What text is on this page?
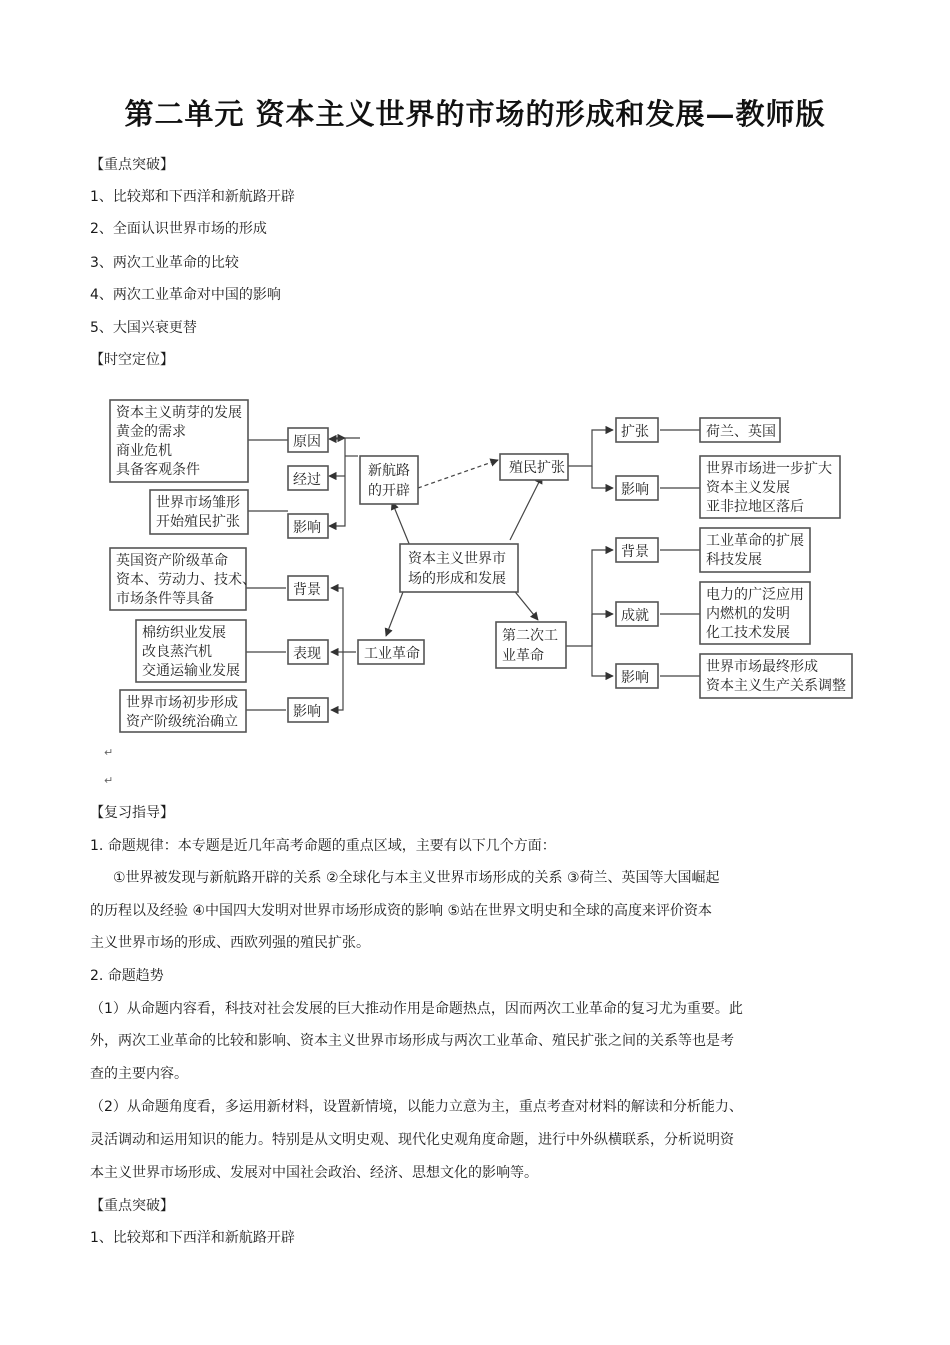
第二单元 资本主义世界的市场的形成和发展—教师版
【重点突破】
1、比较郑和下西洋和新航路开辟
2、全面认识世界市场的形成
3、两次工业革命的比较
4、两次工业革命对中国的影响
5、大国兴衰更替
【时空定位】
资本主义萌芽的发展
黄金的需求
商业危机
具备客观条件
世界市场雏形
开始殖民扩张
原因
经过
影响
新航路
的开辟
殖民扩张
扩张
影响
荷兰、英国
世界市场进一步扩大
资本主义发展
亚非拉地区落后
资本主义世界市
场的形成和发展
工业革命
背景
表现
影响
英国资产阶级革命
资本、劳动力、技术、
市场条件等具备
棉纺织业发展
改良蒸汽机
交通运输业发展
世界市场初步形成
资产阶级统治确立
第二次工
业革命
背景
成就
影响
工业革命的扩展
科技发展
电力的广泛应用
内燃机的发明
化工技术发展
世界市场最终形成
资本主义生产关系调整
↵
↵
【复习指导】
1. 命题规律：本专题是近几年高考命题的重点区域，主要有以下几个方面：
①世界被发现与新航路开辟的关系 ②全球化与本主义世界市场形成的关系 ③荷兰、英国等大国崛起
的历程以及经验 ④中国四大发明对世界市场形成资的影响 ⑤站在世界文明史和全球的高度来评价资本
主义世界市场的形成、西欧列强的殖民扩张。
2. 命题趋势
（1）从命题内容看，科技对社会发展的巨大推动作用是命题热点，因而两次工业革命的复习尤为重要。此
外，两次工业革命的比较和影响、资本主义世界市场形成与两次工业革命、殖民扩张之间的关系等也是考
查的主要内容。
（2）从命题角度看，多运用新材料，设置新情境，以能力立意为主，重点考查对材料的解读和分析能力、
灵活调动和运用知识的能力。特别是从文明史观、现代化史观角度命题，进行中外纵横联系，分析说明资
本主义世界市场形成、发展对中国社会政治、经济、思想文化的影响等。
【重点突破】
1、比较郑和下西洋和新航路开辟
